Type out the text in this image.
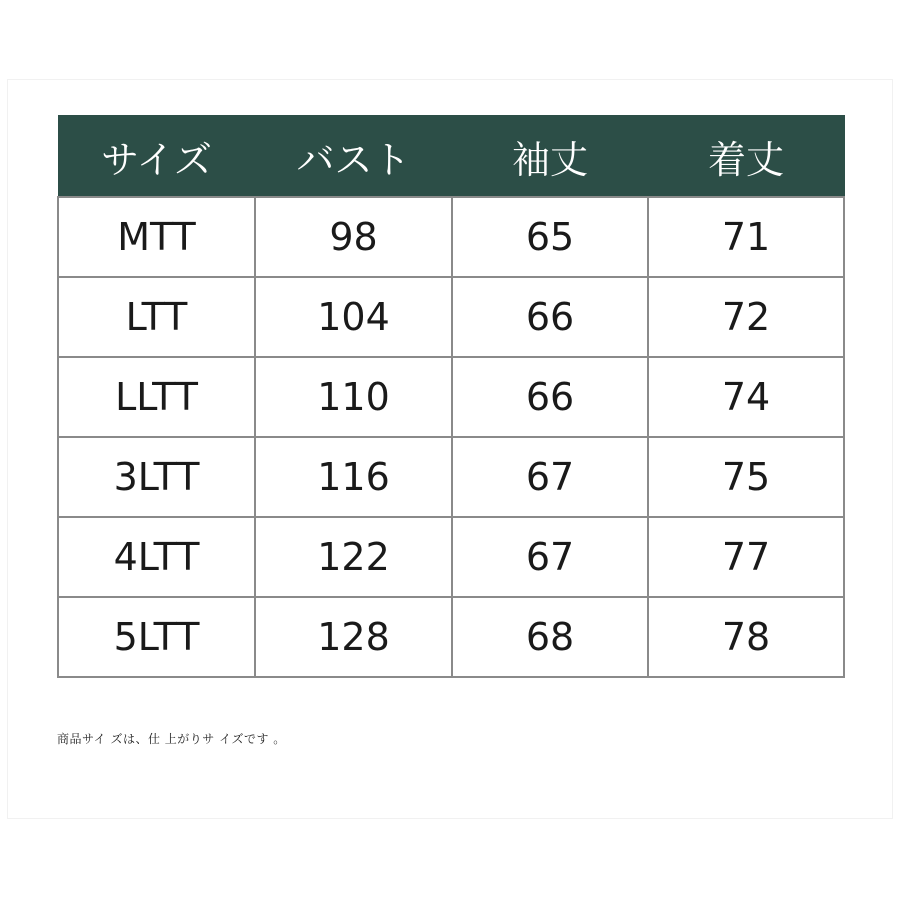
サイズ	バスト	袖丈	着丈
MTT	98	65	71
LTT	104	66	72
LLTT	110	66	74
3LTT	116	67	75
4LTT	122	67	77
5LTT	128	68	78
商品サイ ズは、仕 上がりサ イズです 。
